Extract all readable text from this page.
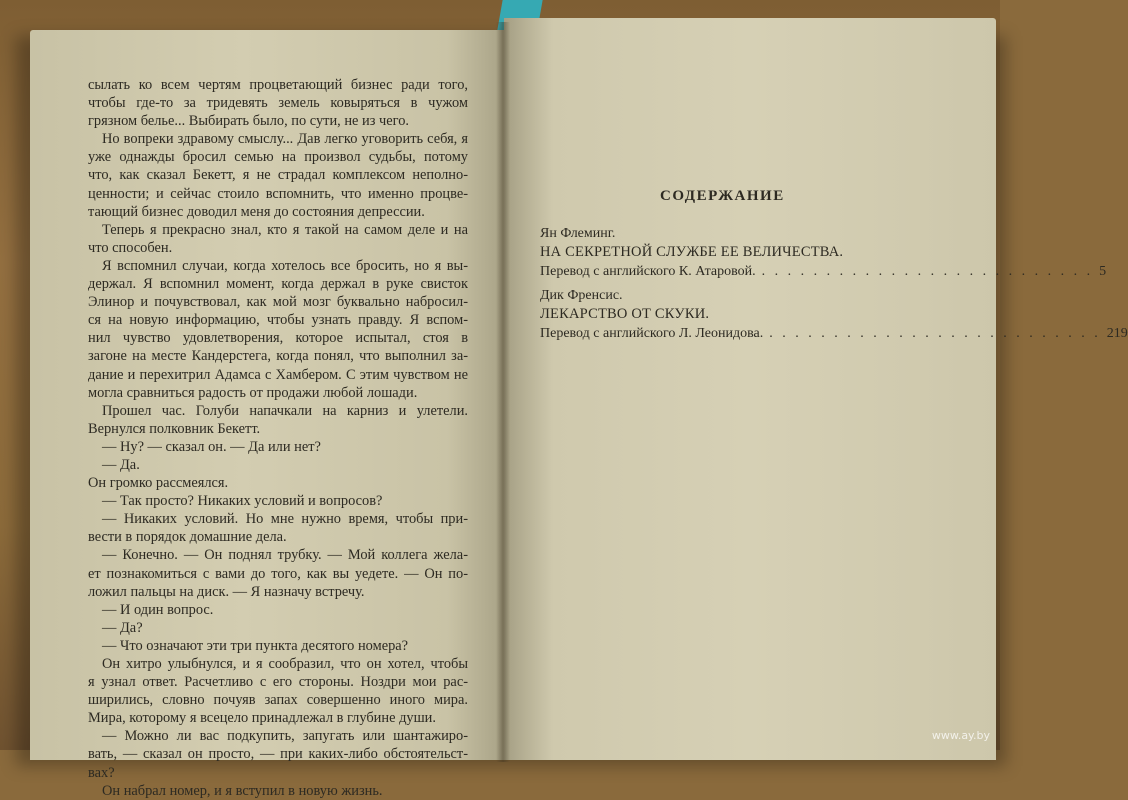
сылать ко всем чертям процветающий бизнес ради того,
чтобы где-то за тридевять земель ковыряться в чужом
грязном белье... Выбирать было, по сути, не из чего.
Но вопреки здравому смыслу... Дав легко уговорить себя, я
уже однажды бросил семью на произвол судьбы, потому
что, как сказал Бекетт, я не страдал комплексом неполно-
ценности; и сейчас стоило вспомнить, что именно процве-
тающий бизнес доводил меня до состояния депрессии.
Теперь я прекрасно знал, кто я такой на самом деле и на
что способен.
Я вспомнил случаи, когда хотелось все бросить, но я вы-
держал. Я вспомнил момент, когда держал в руке свисток
Элинор и почувствовал, как мой мозг буквально набросил-
ся на новую информацию, чтобы узнать правду. Я вспом-
нил чувство удовлетворения, которое испытал, стоя в
загоне на месте Кандерстега, когда понял, что выполнил за-
дание и перехитрил Адамса с Хамбером. С этим чувством не
могла сравниться радость от продажи любой лошади.
Прошел час. Голуби напачкали на карниз и улетели.
Вернулся полковник Бекетт.
— Ну? — сказал он. — Да или нет?
— Да.
Он громко рассмеялся.
— Так просто? Никаких условий и вопросов?
— Никаких условий. Но мне нужно время, чтобы при-
вести в порядок домашние дела.
— Конечно. — Он поднял трубку. — Мой коллега жела-
ет познакомиться с вами до того, как вы уедете. — Он по-
ложил пальцы на диск. — Я назначу встречу.
— И один вопрос.
— Да?
— Что означают эти три пункта десятого номера?
Он хитро улыбнулся, и я сообразил, что он хотел, чтобы
я узнал ответ. Расчетливо с его стороны. Ноздри мои рас-
ширились, словно почуяв запах совершенно иного мира.
Мира, которому я всецело принадлежал в глубине души.
— Можно ли вас подкупить, запугать или шантажиро-
вать, — сказал он просто, — при каких-либо обстоятельст-
вах?
Он набрал номер, и я вступил в новую жизнь.
СОДЕРЖАНИЕ
Ян Флеминг.
НА СЕКРЕТНОЙ СЛУЖБЕ ЕЕ ВЕЛИЧЕСТВА.
Перевод с английского К. Атаровой. . . . . . . . . . . . . . . . . . . . . . . . . . . 5
Дик Френсис.
ЛЕКАРСТВО ОТ СКУКИ.
Перевод с английского Л. Леонидова. . . . . . . . . . . . . . . . . . . . . . . . . . . 219
www.ay.by
